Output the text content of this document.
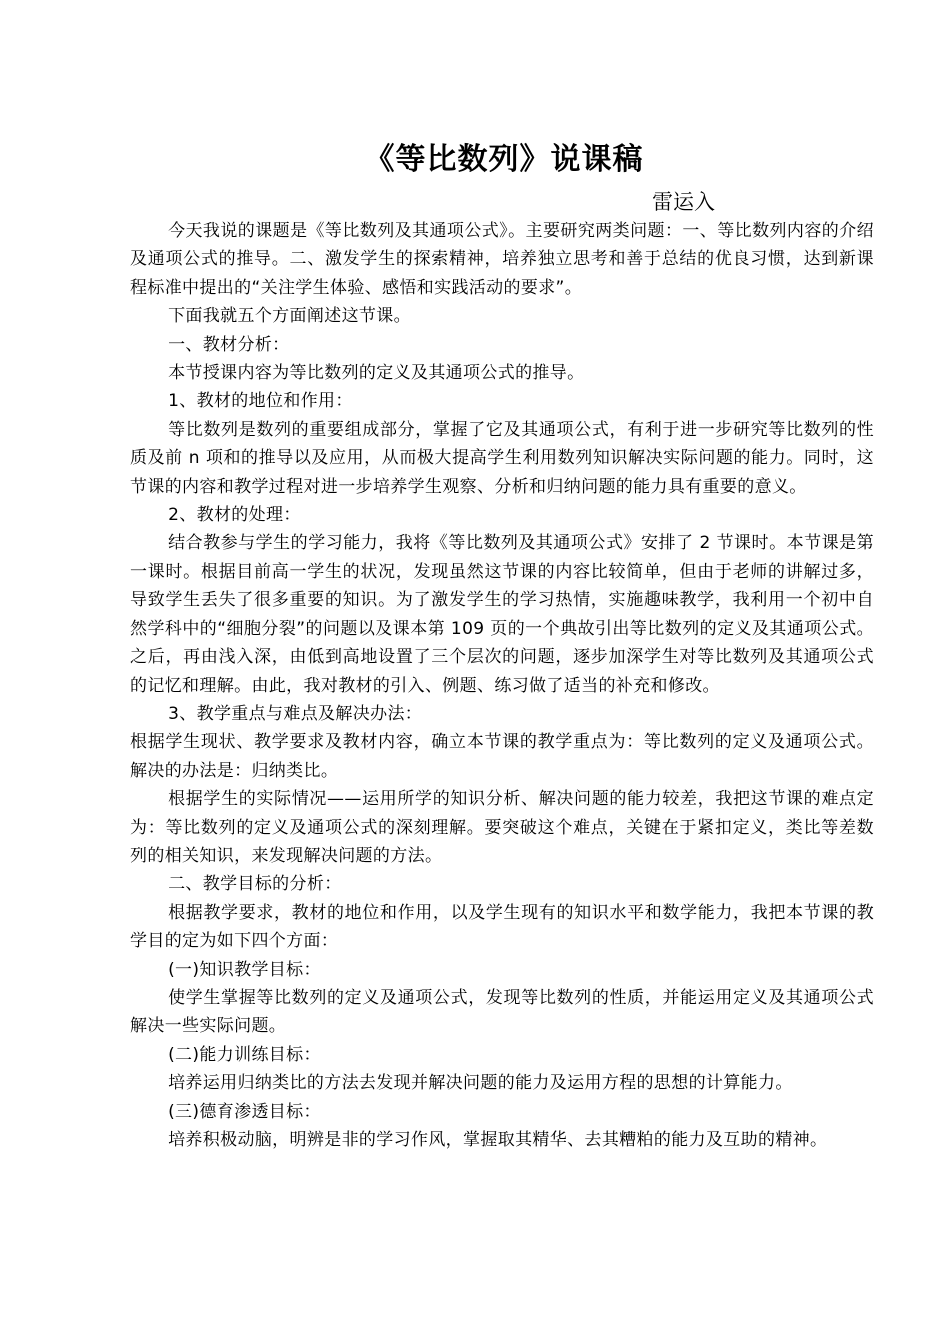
《等比数列》说课稿
雷运入

今天我说的课题是《等比数列及其通项公式》。主要研究两类问题：一、等比数列内容的介绍及通项公式的推导。二、激发学生的探索精神，培养独立思考和善于总结的优良习惯，达到新课程标准中提出的“关注学生体验、感悟和实践活动的要求”。

下面我就五个方面阐述这节课。

一、教材分析：

本节授课内容为等比数列的定义及其通项公式的推导。

1、教材的地位和作用：

等比数列是数列的重要组成部分，掌握了它及其通项公式，有利于进一步研究等比数列的性质及前 n 项和的推导以及应用，从而极大提高学生利用数列知识解决实际问题的能力。同时，这节课的内容和教学过程对进一步培养学生观察、分析和归纳问题的能力具有重要的意义。

2、教材的处理：

结合教参与学生的学习能力，我将《等比数列及其通项公式》安排了 2 节课时。本节课是第一课时。根据目前高一学生的状况，发现虽然这节课的内容比较简单，但由于老师的讲解过多，导致学生丢失了很多重要的知识。为了激发学生的学习热情，实施趣味教学，我利用一个初中自然学科中的“细胞分裂”的问题以及课本第 109 页的一个典故引出等比数列的定义及其通项公式。之后，再由浅入深，由低到高地设置了三个层次的问题，逐步加深学生对等比数列及其通项公式的记忆和理解。由此，我对教材的引入、例题、练习做了适当的补充和修改。

3、教学重点与难点及解决办法：

根据学生现状、教学要求及教材内容，确立本节课的教学重点为：等比数列的定义及通项公式。解决的办法是：归纳类比。

根据学生的实际情况——运用所学的知识分析、解决问题的能力较差，我把这节课的难点定为：等比数列的定义及通项公式的深刻理解。要突破这个难点，关键在于紧扣定义，类比等差数列的相关知识，来发现解决问题的方法。

二、教学目标的分析：

根据教学要求，教材的地位和作用，以及学生现有的知识水平和数学能力，我把本节课的教学目的定为如下四个方面：

(一)知识教学目标：

使学生掌握等比数列的定义及通项公式，发现等比数列的性质，并能运用定义及其通项公式解决一些实际问题。

(二)能力训练目标：

培养运用归纳类比的方法去发现并解决问题的能力及运用方程的思想的计算能力。

(三)德育渗透目标：

培养积极动脑，明辨是非的学习作风，掌握取其精华、去其糟粕的能力及互助的精神。
